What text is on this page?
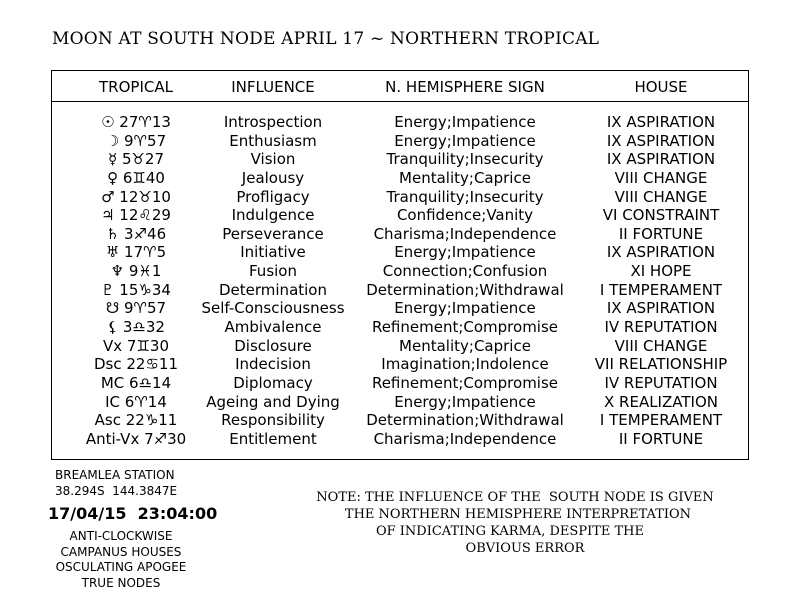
MOON AT SOUTH NODE APRIL 17 ~ NORTHERN TROPICAL
TROPICAL	INFLUENCE	N. HEMISPHERE SIGN	HOUSE
☉ 27♈13	Introspection	Energy;Impatience	IX ASPIRATION
☽ 9♈57	Enthusiasm	Energy;Impatience	IX ASPIRATION
☿ 5♉27	Vision	Tranquility;Insecurity	IX ASPIRATION
♀ 6♊40	Jealousy	Mentality;Caprice	VIII CHANGE
♂ 12♉10	Profligacy	Tranquility;Insecurity	VIII CHANGE
♃ 12♌29	Indulgence	Confidence;Vanity	VI CONSTRAINT
♄ 3♐46	Perseverance	Charisma;Independence	II FORTUNE
♅ 17♈5	Initiative	Energy;Impatience	IX ASPIRATION
♆ 9♓1	Fusion	Connection;Confusion	XI HOPE
♇ 15♑34	Determination	Determination;Withdrawal	I TEMPERAMENT
☋ 9♈57	Self-Consciousness	Energy;Impatience	IX ASPIRATION
⚸ 3♎32	Ambivalence	Refinement;Compromise	IV REPUTATION
Vx 7♊30	Disclosure	Mentality;Caprice	VIII CHANGE
Dsc 22♋11	Indecision	Imagination;Indolence	VII RELATIONSHIP
MC 6♎14	Diplomacy	Refinement;Compromise	IV REPUTATION
IC 6♈14	Ageing and Dying	Energy;Impatience	X REALIZATION
Asc 22♑11	Responsibility	Determination;Withdrawal	I TEMPERAMENT
Anti-Vx 7♐30	Entitlement	Charisma;Independence	II FORTUNE
BREAMLEA STATION
38.294S  144.3847E
17/04/15  23:04:00
ANTI-CLOCKWISE
CAMPANUS HOUSES
OSCULATING APOGEE
TRUE NODES
NOTE: THE INFLUENCE OF THE  SOUTH NODE IS GIVEN
THE NORTHERN HEMISPHERE INTERPRETATION
OF INDICATING KARMA, DESPITE THE
OBVIOUS ERROR
